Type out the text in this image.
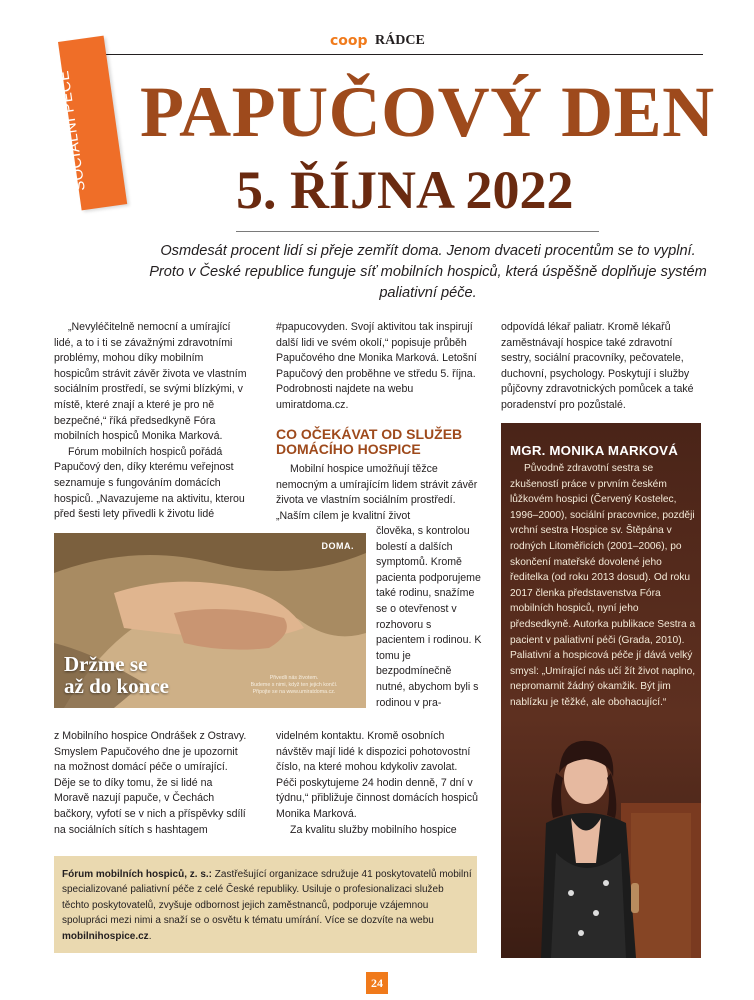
coop RÁDCE
SOCIÁLNÍ PÉČE PAPUČOVÝ DEN
5. ŘÍJNA 2022
Osmdesát procent lidí si přeje zemřít doma. Jenom dvaceti procentům se to vyplní. Proto v České republice funguje síť mobilních hospiců, která úspěšně doplňuje systém paliativní péče.

„Nevyléčitelně nemocní a umírající lidé, a to i ti se závažnými zdravotními problémy, mohou díky mobilním hospicům strávit závěr života ve vlastním sociálním prostředí, se svými blízkými, v místě, které znají a které je pro ně bezpečné,“ říká předsedkyně Fóra mobilních hospiců Monika Marková.

Fórum mobilních hospiců pořádá Papučový den, díky kterému veřejnost seznamuje s fungováním domácích hospiců. „Navazujeme na aktivitu, kterou před šesti lety přivedli k životu lidé

DOMA.
Držme se
až do konce	Přivedli nás životem.
Budeme s nimi, když ten jejich končí.
Připojte se na www.umiratdoma.cz.

z Mobilního hospice Ondrášek z Ostravy. Smyslem Papučového dne je upozornit na možnost domácí péče o umírající. Děje se to díky tomu, že si lidé na Moravě nazují papuče, v Čechách bačkory, vyfotí se v nich a příspěvky sdílí na sociálních sítích s hashtagem

#papucovyden. Svojí aktivitou tak inspirují další lidi ve svém okolí,“ popisuje průběh Papučového dne Monika Marková. Letošní Papučový den proběhne ve středu 5. října. Podrobnosti najdete na webu umiratdoma.cz.

CO OČEKÁVAT OD SLUŽEB DOMÁCÍHO HOSPICE

Mobilní hospice umožňují těžce nemocným a umírajícím lidem strávit závěr života ve vlastním sociálním prostředí. „Naším cílem je kvalitní život

člověka, s kontrolou bolestí a dalších symptomů. Kromě pacienta podporujeme také rodinu, snažíme se o otevřenost v rozhovoru s pacientem i rodinou. K tomu je bezpodmínečně nutné, abychom byli s rodinou v pra-

videlném kontaktu. Kromě osobních návštěv mají lidé k dispozici pohotovostní číslo, na které mohou kdykoliv zavolat. Péči poskytujeme 24 hodin denně, 7 dní v týdnu,“ přibližuje činnost domácích hospiců Monika Marková.

Za kvalitu služby mobilního hospice

odpovídá lékař paliatr. Kromě lékařů zaměstnávají hospice také zdravotní sestry, sociální pracovníky, pečovatele, duchovní, psychology. Poskytují i služby půjčovny zdravotnických pomůcek a také poradenství pro pozůstalé.

MGR. MONIKA MARKOVÁ
Původně zdravotní sestra se zkušeností práce v prvním českém lůžkovém hospici (Červený Kostelec, 1996–2000), sociální pracovnice, později vrchní sestra Hospice sv. Štěpána v rodných Litoměřicích (2001–2006), po skončení mateřské dovolené jeho ředitelka (od roku 2013 dosud). Od roku 2017 členka představenstva Fóra mobilních hospiců, nyní jeho předsedkyně. Autorka publikace Sestra a pacient v paliativní péči (Grada, 2010). Paliativní a hospicová péče jí dává velký smysl: „Umírající nás učí žít život naplno, nepromarnit žádný okamžik. Být jim nablízku je těžké, ale obohacující.“
Fórum mobilních hospiců, z. s.: Zastřešující organizace sdružuje 41 poskytovatelů mobilní specializované paliativní péče z celé České republiky. Usiluje o profesionalizaci služeb těchto poskytovatelů, zvyšuje odbornost jejich zaměstnanců, podporuje vzájemnou spolupráci mezi nimi a snaží se o osvětu k tématu umírání. Více se dozvíte na webu mobilnihospice.cz.
24
